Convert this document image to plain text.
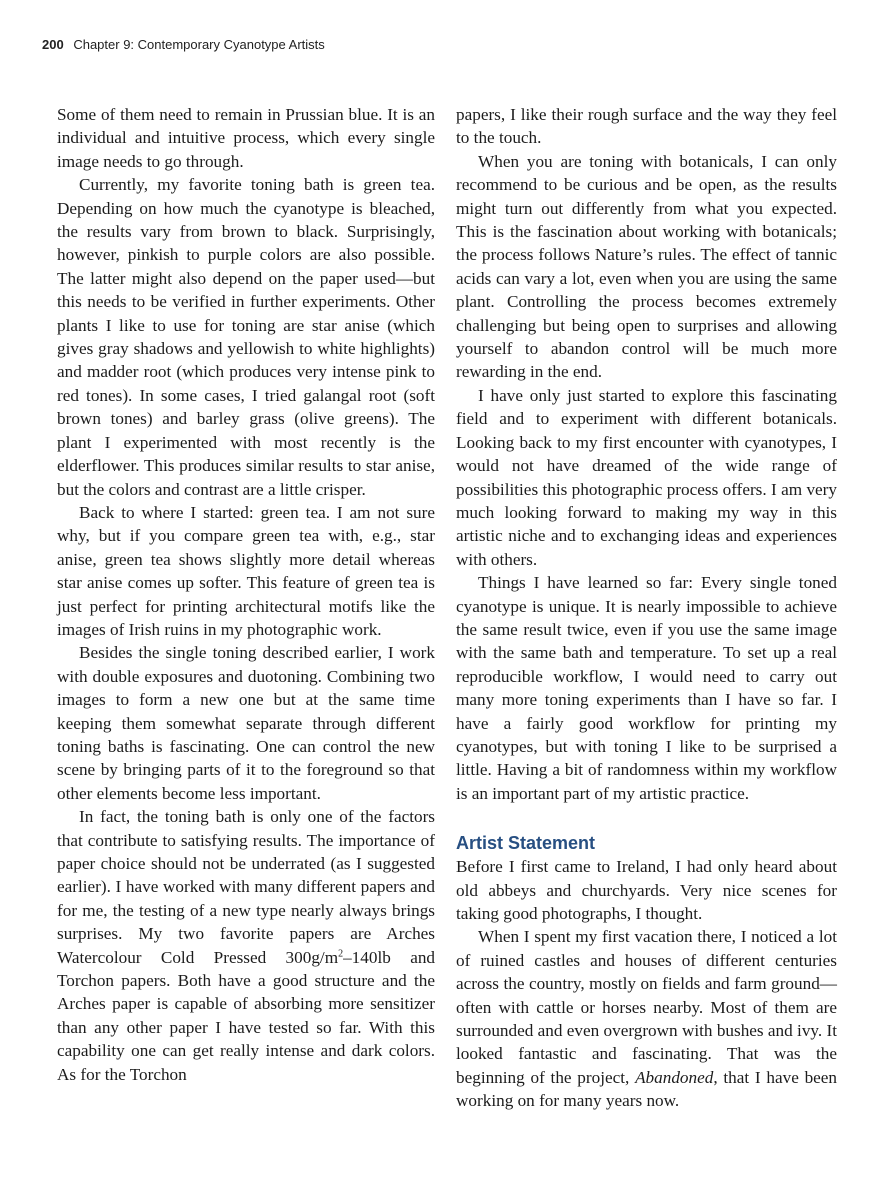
200 Chapter 9: Contemporary Cyanotype Artists

Some of them need to remain in Prussian blue. It is an individual and intuitive process, which every single image needs to go through.

Currently, my favorite toning bath is green tea. Depending on how much the cyanotype is bleached, the results vary from brown to black. Surprisingly, however, pinkish to purple colors are also possible. The latter might also depend on the paper used—but this needs to be verified in further experiments. Other plants I like to use for toning are star anise (which gives gray shadows and yellowish to white highlights) and madder root (which produces very intense pink to red tones). In some cases, I tried galangal root (soft brown tones) and barley grass (olive greens). The plant I experimented with most recently is the elderflower. This produces similar results to star anise, but the colors and contrast are a little crisper.

Back to where I started: green tea. I am not sure why, but if you compare green tea with, e.g., star anise, green tea shows slightly more detail whereas star anise comes up softer. This feature of green tea is just perfect for printing architectural motifs like the images of Irish ruins in my photographic work.

Besides the single toning described earlier, I work with double exposures and duotoning. Combining two images to form a new one but at the same time keeping them somewhat separate through different toning baths is fascinating. One can control the new scene by bringing parts of it to the foreground so that other elements become less important.

In fact, the toning bath is only one of the factors that contribute to satisfying results. The importance of paper choice should not be underrated (as I suggested earlier). I have worked with many different papers and for me, the testing of a new type nearly always brings surprises. My two favorite papers are Arches Watercolour Cold Pressed $300g/m^2-140lb$ and Torchon papers. Both have a good structure and the Arches paper is capable of absorbing more sensitizer than any other paper I have tested so far. With this capability one can get really intense and dark colors. As for the Torchon

papers, I like their rough surface and the way they feel to the touch.

When you are toning with botanicals, I can only recommend to be curious and be open, as the results might turn out differently from what you expected. This is the fascination about working with botanicals; the process follows Nature’s rules. The effect of tannic acids can vary a lot, even when you are using the same plant. Controlling the process becomes extremely challenging but being open to surprises and allowing yourself to abandon control will be much more rewarding in the end.

I have only just started to explore this fascinating field and to experiment with different botanicals. Looking back to my first encounter with cyanotypes, I would not have dreamed of the wide range of possibilities this photographic process offers. I am very much looking forward to making my way in this artistic niche and to exchanging ideas and experiences with others.

Things I have learned so far: Every single toned cyanotype is unique. It is nearly impossible to achieve the same result twice, even if you use the same image with the same bath and temperature. To set up a real reproducible workflow, I would need to carry out many more toning experiments than I have so far. I have a fairly good workflow for printing my cyanotypes, but with toning I like to be surprised a little. Having a bit of randomness within my workflow is an important part of my artistic practice.

Artist Statement

Before I first came to Ireland, I had only heard about old abbeys and churchyards. Very nice scenes for taking good photographs, I thought.

When I spent my first vacation there, I noticed a lot of ruined castles and houses of different centuries across the country, mostly on fields and farm ground—often with cattle or horses nearby. Most of them are surrounded and even overgrown with bushes and ivy. It looked fantastic and fascinating. That was the beginning of the project, Abandoned, that I have been working on for many years now.
